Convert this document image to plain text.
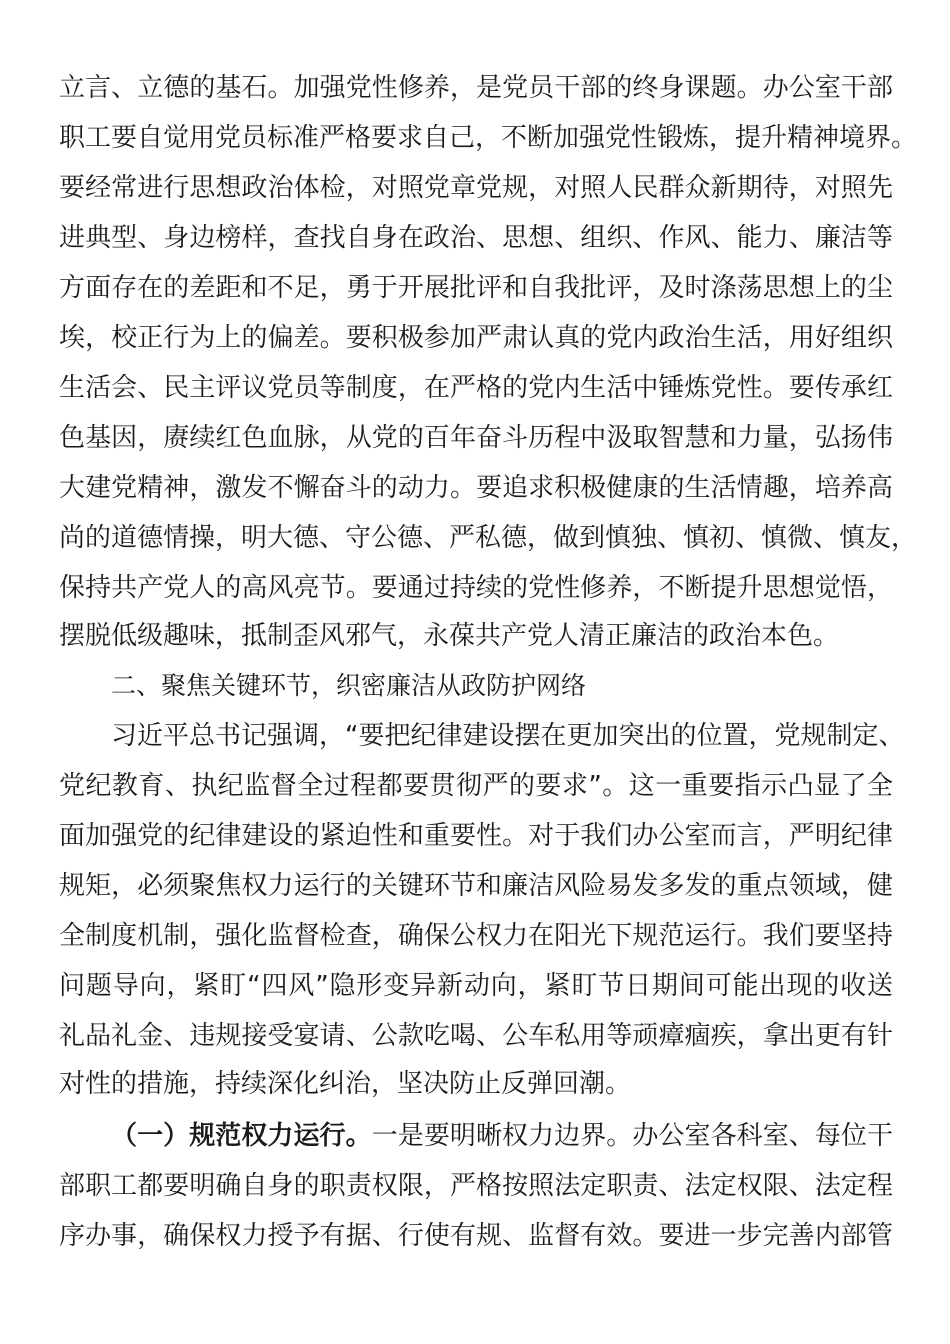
立言、立德的基石。加强党性修养，是党员干部的终身课题。办公室干部
职工要自觉用党员标准严格要求自己，不断加强党性锻炼，提升精神境界。
要经常进行思想政治体检，对照党章党规，对照人民群众新期待，对照先
进典型、身边榜样，查找自身在政治、思想、组织、作风、能力、廉洁等
方面存在的差距和不足，勇于开展批评和自我批评，及时涤荡思想上的尘
埃，校正行为上的偏差。要积极参加严肃认真的党内政治生活，用好组织
生活会、民主评议党员等制度，在严格的党内生活中锤炼党性。要传承红
色基因，赓续红色血脉，从党的百年奋斗历程中汲取智慧和力量，弘扬伟
大建党精神，激发不懈奋斗的动力。要追求积极健康的生活情趣，培养高
尚的道德情操，明大德、守公德、严私德，做到慎独、慎初、慎微、慎友，
保持共产党人的高风亮节。要通过持续的党性修养，不断提升思想觉悟，
摆脱低级趣味，抵制歪风邪气，永葆共产党人清正廉洁的政治本色。
二、聚焦关键环节，织密廉洁从政防护网络
习近平总书记强调，“要把纪律建设摆在更加突出的位置，党规制定、
党纪教育、执纪监督全过程都要贯彻严的要求”。这一重要指示凸显了全
面加强党的纪律建设的紧迫性和重要性。对于我们办公室而言，严明纪律
规矩，必须聚焦权力运行的关键环节和廉洁风险易发多发的重点领域，健
全制度机制，强化监督检查，确保公权力在阳光下规范运行。我们要坚持
问题导向，紧盯“四风”隐形变异新动向，紧盯节日期间可能出现的收送
礼品礼金、违规接受宴请、公款吃喝、公车私用等顽瘴痼疾，拿出更有针
对性的措施，持续深化纠治，坚决防止反弹回潮。
（一）规范权力运行。一是要明晰权力边界。办公室各科室、每位干
部职工都要明确自身的职责权限，严格按照法定职责、法定权限、法定程
序办事，确保权力授予有据、行使有规、监督有效。要进一步完善内部管
